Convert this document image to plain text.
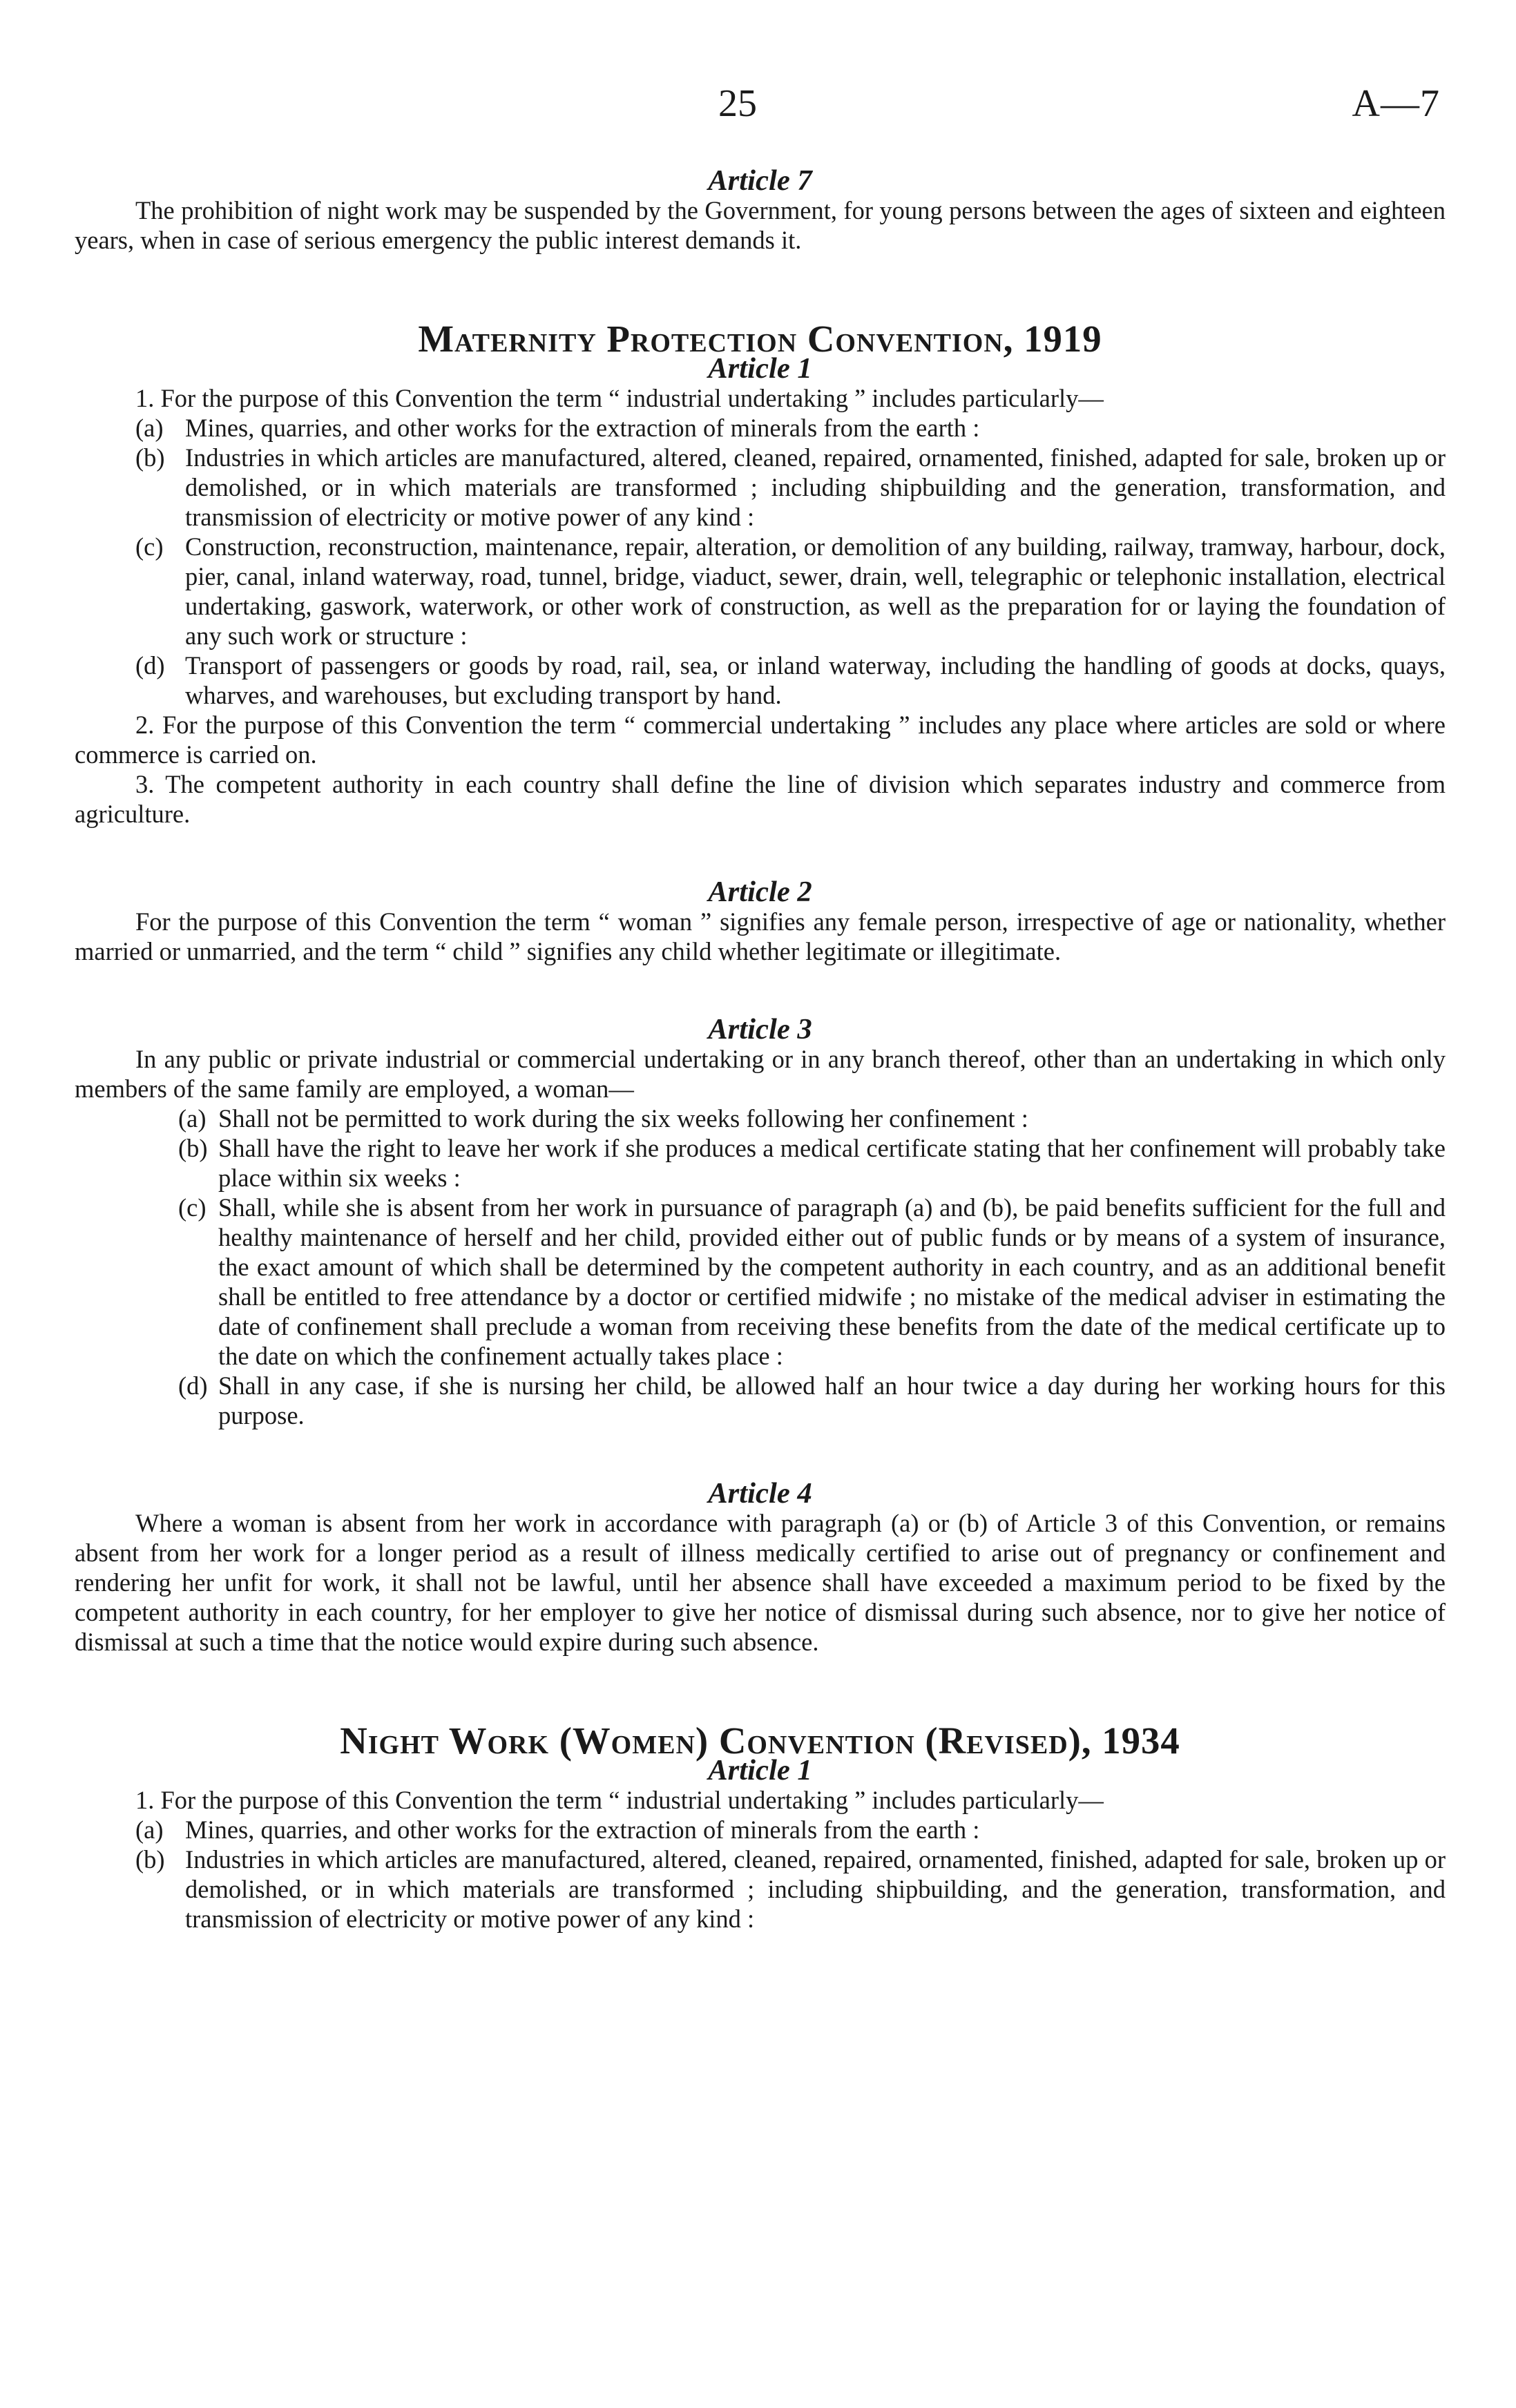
25	A—7
Article 7

The prohibition of night work may be suspended by the Government, for young persons between the ages of sixteen and eighteen years, when in case of serious emergency the public interest demands it.

Maternity Protection Convention, 1919
Article 1

1. For the purpose of this Convention the term “ industrial undertaking ” includes particularly—

(a) Mines, quarries, and other works for the extraction of minerals from the earth :
(b) Industries in which articles are manufactured, altered, cleaned, repaired, ornamented, finished, adapted for sale, broken up or demolished, or in which materials are transformed ; including shipbuilding and the generation, transformation, and transmission of electricity or motive power of any kind :
(c) Construction, reconstruction, maintenance, repair, alteration, or demolition of any building, railway, tramway, harbour, dock, pier, canal, inland waterway, road, tunnel, bridge, viaduct, sewer, drain, well, telegraphic or telephonic installation, electrical undertaking, gaswork, waterwork, or other work of construction, as well as the preparation for or laying the foundation of any such work or structure :
(d) Transport of passengers or goods by road, rail, sea, or inland waterway, including the handling of goods at docks, quays, wharves, and warehouses, but excluding transport by hand.

2. For the purpose of this Convention the term “ commercial undertaking ” includes any place where articles are sold or where commerce is carried on.

3. The competent authority in each country shall define the line of division which separates industry and commerce from agriculture.

Article 2

For the purpose of this Convention the term “ woman ” signifies any female person, irrespective of age or nationality, whether married or unmarried, and the term “ child ” signifies any child whether legitimate or illegitimate.

Article 3

In any public or private industrial or commercial undertaking or in any branch thereof, other than an undertaking in which only members of the same family are employed, a woman—

(a) Shall not be permitted to work during the six weeks following her confinement :
(b) Shall have the right to leave her work if she produces a medical certificate stating that her confinement will probably take place within six weeks :
(c) Shall, while she is absent from her work in pursuance of paragraph (a) and (b), be paid benefits sufficient for the full and healthy maintenance of herself and her child, provided either out of public funds or by means of a system of insurance, the exact amount of which shall be determined by the competent authority in each country, and as an additional benefit shall be entitled to free attendance by a doctor or certified midwife ; no mistake of the medical adviser in estimating the date of confinement shall preclude a woman from receiving these benefits from the date of the medical certificate up to the date on which the confinement actually takes place :
(d) Shall in any case, if she is nursing her child, be allowed half an hour twice a day during her working hours for this purpose.
Article 4

Where a woman is absent from her work in accordance with paragraph (a) or (b) of Article 3 of this Convention, or remains absent from her work for a longer period as a result of illness medically certified to arise out of pregnancy or confinement and rendering her unfit for work, it shall not be lawful, until her absence shall have exceeded a maximum period to be fixed by the competent authority in each country, for her employer to give her notice of dismissal during such absence, nor to give her notice of dismissal at such a time that the notice would expire during such absence.

Night Work (Women) Convention (Revised), 1934
Article 1

1. For the purpose of this Convention the term “ industrial undertaking ” includes particularly—

(a) Mines, quarries, and other works for the extraction of minerals from the earth :
(b) Industries in which articles are manufactured, altered, cleaned, repaired, ornamented, finished, adapted for sale, broken up or demolished, or in which materials are transformed ; including shipbuilding, and the generation, transformation, and transmission of electricity or motive power of any kind :
